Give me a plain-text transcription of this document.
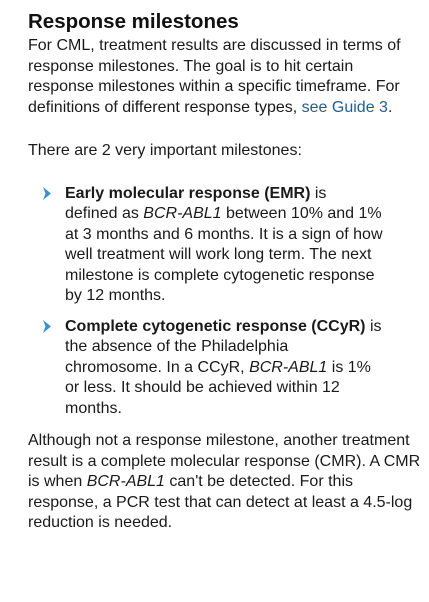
Response milestones

For CML, treatment results are discussed in terms of response milestones. The goal is to hit certain response milestones within a specific timeframe. For definitions of different response types, see Guide 3.

There are 2 very important milestones:

Early molecular response (EMR) is defined as BCR-ABL1 between 10% and 1% at 3 months and 6 months. It is a sign of how well treatment will work long term. The next milestone is complete cytogenetic response by 12 months.

Complete cytogenetic response (CCyR) is the absence of the Philadelphia chromosome. In a CCyR, BCR-ABL1 is 1% or less. It should be achieved within 12 months.

Although not a response milestone, another treatment result is a complete molecular response (CMR). A CMR is when BCR-ABL1 can't be detected. For this response, a PCR test that can detect at least a 4.5-log reduction is needed.
